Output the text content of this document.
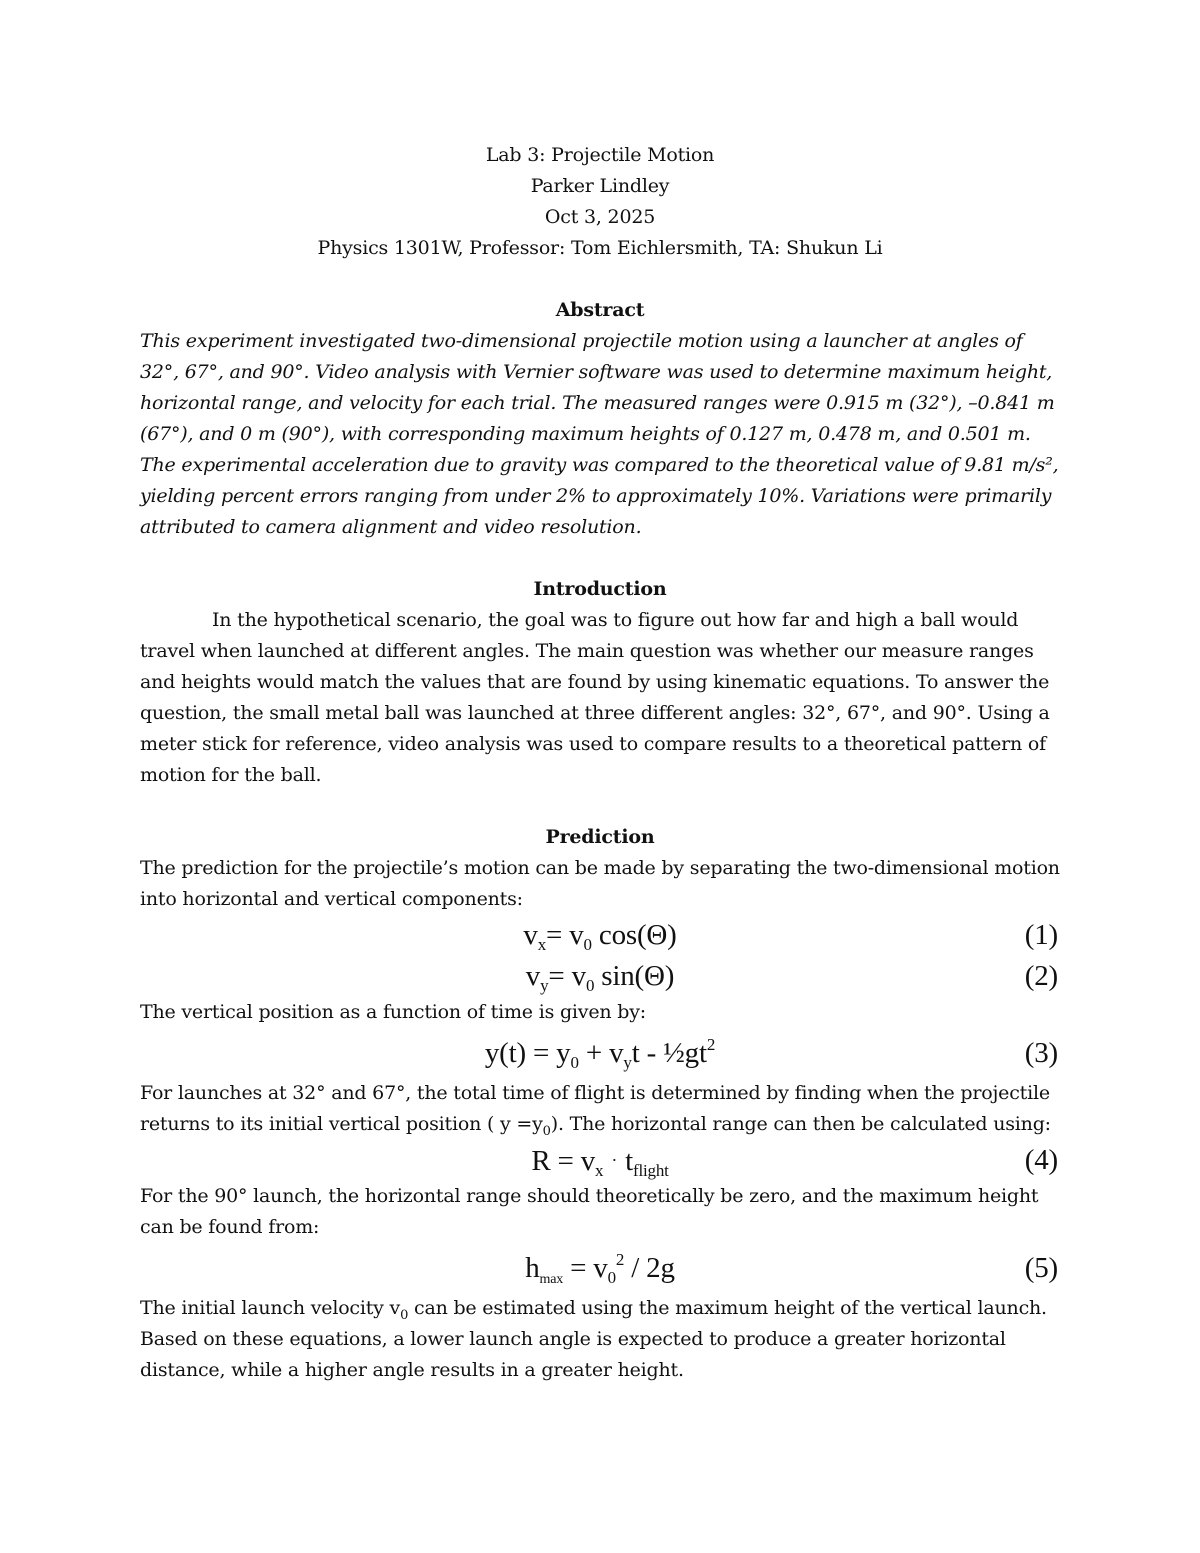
Lab 3: Projectile Motion

Parker Lindley

Oct 3, 2025

Physics 1301W, Professor: Tom Eichlersmith, TA: Shukun Li

Abstract

This experiment investigated two-dimensional projectile motion using a launcher at angles of 32°, 67°, and 90°. Video analysis with Vernier software was used to determine maximum height, horizontal range, and velocity for each trial. The measured ranges were 0.915 m (32°), –0.841 m (67°), and 0 m (90°), with corresponding maximum heights of 0.127 m, 0.478 m, and 0.501 m. The experimental acceleration due to gravity was compared to the theoretical value of 9.81 m/s², yielding percent errors ranging from under 2% to approximately 10%. Variations were primarily attributed to camera alignment and video resolution.

Introduction

In the hypothetical scenario, the goal was to figure out how far and high a ball would travel when launched at different angles. The main question was whether our measure ranges and heights would match the values that are found by using kinematic equations. To answer the question, the small metal ball was launched at three different angles: 32°, 67°, and 90°. Using a meter stick for reference, video analysis was used to compare results to a theoretical pattern of motion for the ball.

Prediction

The prediction for the projectile’s motion can be made by separating the two-dimensional motion into horizontal and vertical components:

$v_x= v_0$ cos(Θ)	(1)
$v_y= v_0$ sin(Θ)	(2)

The vertical position as a function of time is given by:

$y(t) = y_0 + v_yt$ - $\frac{1}{2}gt^2$	(3)

For launches at 32° and 67°, the total time of flight is determined by finding when the projectile returns to its initial vertical position ( $y =y_0$). The horizontal range can then be calculated using:

$R = v_x\cdot t_{flight}$	(4)

For the 90° launch, the horizontal range should theoretically be zero, and the maximum height can be found from:

$h_{max} = v_0^2 / 2g$	(5)

The initial launch velocity $v_0$ can be estimated using the maximum height of the vertical launch. Based on these equations, a lower launch angle is expected to produce a greater horizontal distance, while a higher angle results in a greater height.
